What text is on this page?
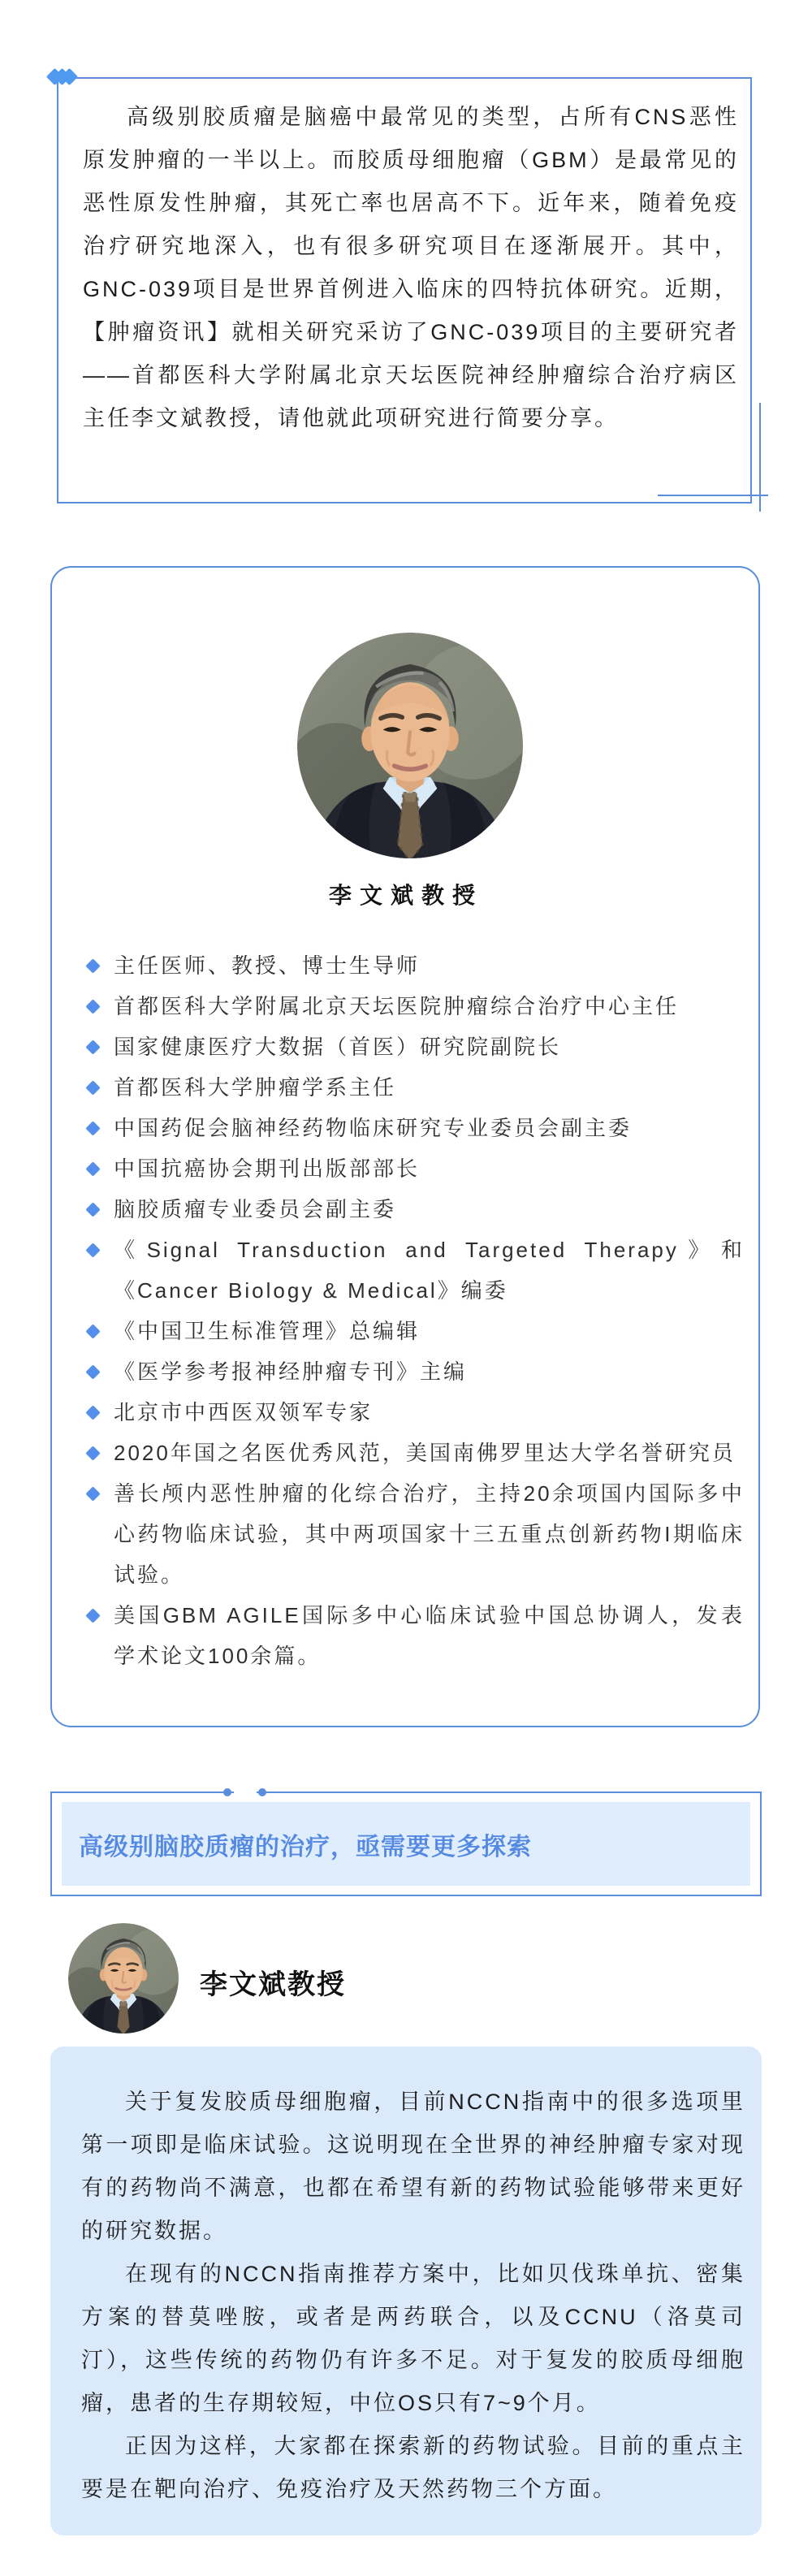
高级别胶质瘤是脑癌中最常见的类型，占所有CNS恶性原发肿瘤的一半以上。而胶质母细胞瘤（GBM）是最常见的恶性原发性肿瘤，其死亡率也居高不下。近年来，随着免疫治疗研究地深入，也有很多研究项目在逐渐展开。其中，GNC-039项目是世界首例进入临床的四特抗体研究。近期，【肿瘤资讯】就相关研究采访了GNC-039项目的主要研究者——首都医科大学附属北京天坛医院神经肿瘤综合治疗病区主任李文斌教授，请他就此项研究进行简要分享。

李文斌教授
主任医师、教授、博士生导师
首都医科大学附属北京天坛医院肿瘤综合治疗中心主任
国家健康医疗大数据（首医）研究院副院长
首都医科大学肿瘤学系主任
中国药促会脑神经药物临床研究专业委员会副主委
中国抗癌协会期刊出版部部长
脑胶质瘤专业委员会副主委
《Signal Transduction and Targeted Therapy》和《Cancer Biology & Medical》编委
《中国卫生标准管理》总编辑
《医学参考报神经肿瘤专刊》主编
北京市中西医双领军专家
2020年国之名医优秀风范，美国南佛罗里达大学名誉研究员
善长颅内恶性肿瘤的化综合治疗，主持20余项国内国际多中心药物临床试验，其中两项国家十三五重点创新药物I期临床试验。
美国GBM AGILE国际多中心临床试验中国总协调人，发表学术论文100余篇。
高级别脑胶质瘤的治疗，亟需要更多探索
李文斌教授

关于复发胶质母细胞瘤，目前NCCN指南中的很多选项里第一项即是临床试验。这说明现在全世界的神经肿瘤专家对现有的药物尚不满意，也都在希望有新的药物试验能够带来更好的研究数据。

在现有的NCCN指南推荐方案中，比如贝伐珠单抗、密集方案的替莫唑胺，或者是两药联合，以及CCNU（洛莫司汀），这些传统的药物仍有许多不足。对于复发的胶质母细胞瘤，患者的生存期较短，中位OS只有7~9个月。

正因为这样，大家都在探索新的药物试验。目前的重点主要是在靶向治疗、免疫治疗及天然药物三个方面。
